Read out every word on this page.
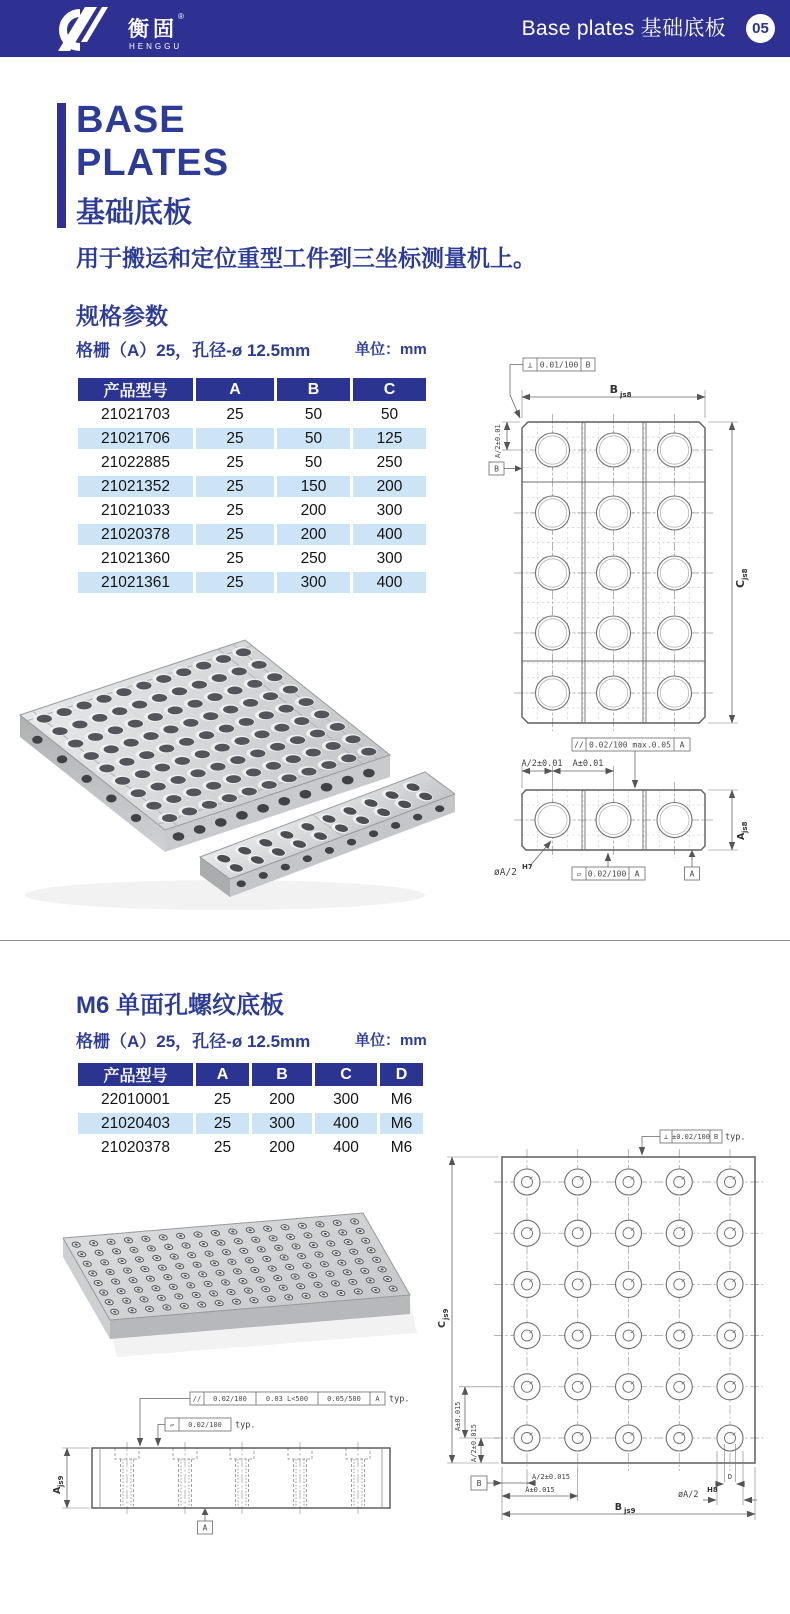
衡固
®
HENGGU
Base plates 基础底板	05
BASE
PLATES
基础底板
用于搬运和定位重型工件到三坐标测量机上。
规格参数
格栅（A）25，孔径-ø 12.5mm	单位：mm
产品型号	A	B	C
21021703	25	50	50
21021706	25	50	125
21022885	25	50	250
21021352	25	150	200
21021033	25	200	300
21020378	25	200	400
21021360	25	250	300
21021361	25	300	400
B js8
⊥ 0.01/100 B
A/2±0.01
B
C
js8
// 0.02/100 max.0.05 A
A/2±0.01 A±0.01
A
js8
øA/2 H7
▱ 0.02/100 A	A
M6 单面孔螺纹底板
格栅（A）25，孔径-ø 12.5mm	单位：mm
产品型号	A	B	C	D
22010001	25	200	300	M6
21020403	25	300	400	M6
21020378	25	200	400	M6
⊥ ±0.02/100 B typ.
C
js9
A±0.015
A/2±0.015
B
A/2±0.015
A±0.015
B js9
øA/2 H8
D
// 0.02/100	0.03 L<500	0.05/500 A typ.
▱ 0.02/100 typ.
A
js9
A
